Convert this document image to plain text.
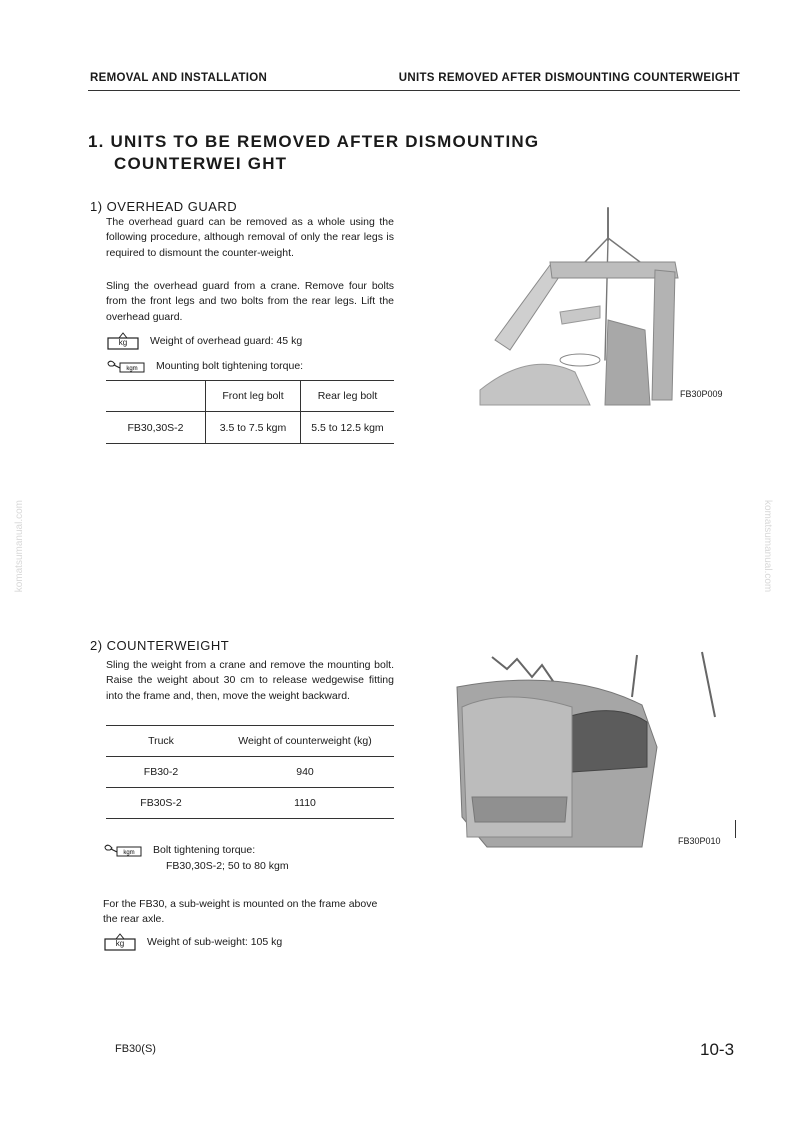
REMOVAL AND INSTALLATION	UNITS REMOVED AFTER DISMOUNTING COUNTERWEIGHT
1. UNITS TO BE REMOVED AFTER DISMOUNTING
COUNTERWEI GHT
1) OVERHEAD GUARD
The overhead guard can be removed as a whole using the following procedure, although removal of only the rear legs is required to dismount the counter-weight.
Sling the overhead guard from a crane. Remove four bolts from the front legs and two bolts from the rear legs. Lift the overhead guard.
kg	Weight of overhead guard: 45 kg
kgm Mounting bolt tightening torque:
	Front leg bolt	Rear leg bolt
FB30,30S-2	3.5 to 7.5 kgm	5.5 to 12.5 kgm
FB30P009
2) COUNTERWEIGHT
Sling the weight from a crane and remove the mounting bolt. Raise the weight about 30 cm to release wedgewise fitting into the frame and, then, move the weight backward.
Truck	Weight of counterweight (kg)
FB30-2	940
FB30S-2	1110
kgm Bolt tightening torque:
FB30,30S-2; 50 to 80 kgm
For the FB30, a sub-weight is mounted on the frame above the rear axle.
kg	Weight of sub-weight: 105 kg
FB30P010
komatsumanual.com	komatsumanual.com
FB30(S)	10-3
